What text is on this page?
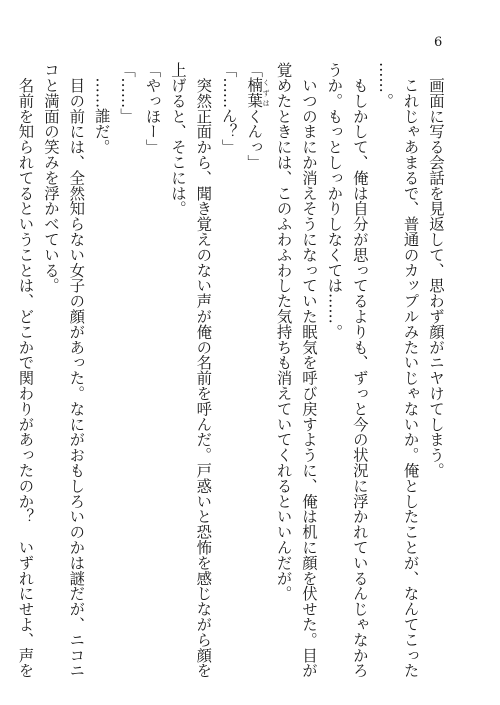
6

　画面に写る会話を見返して、思わず顔がニヤけてしまう。

　これじゃあまるで、普通のカップルみたいじゃないか。俺としたことが、なんてこった

……。

　もしかして、俺は自分が思ってるよりも、ずっと今の状況に浮かれているんじゃなかろ

うか。もっとしっかりしなくては……。

　いつのまにか消えそうになっていた眠気を呼び戻すように、俺は机に顔を伏せた。目が

覚めたときには、このふわふわした気持ちも消えていてくれるといいんだが。

「楠葉 くずはくんっ」

「……ん？」

　突然正面から、聞き覚えのない声が俺の名前を呼んだ。戸惑いと恐怖を感じながら顔を

上げると、そこには。

「やっほー」

「……」

　……誰だ。

　目の前には、全然知らない女子の顔があった。なにがおもしろいのかは謎だが、ニコニ

コと満面の笑みを浮かべている。

　名前を知られてるということは、どこかで関わりがあったのか？　いずれにせよ、声を
